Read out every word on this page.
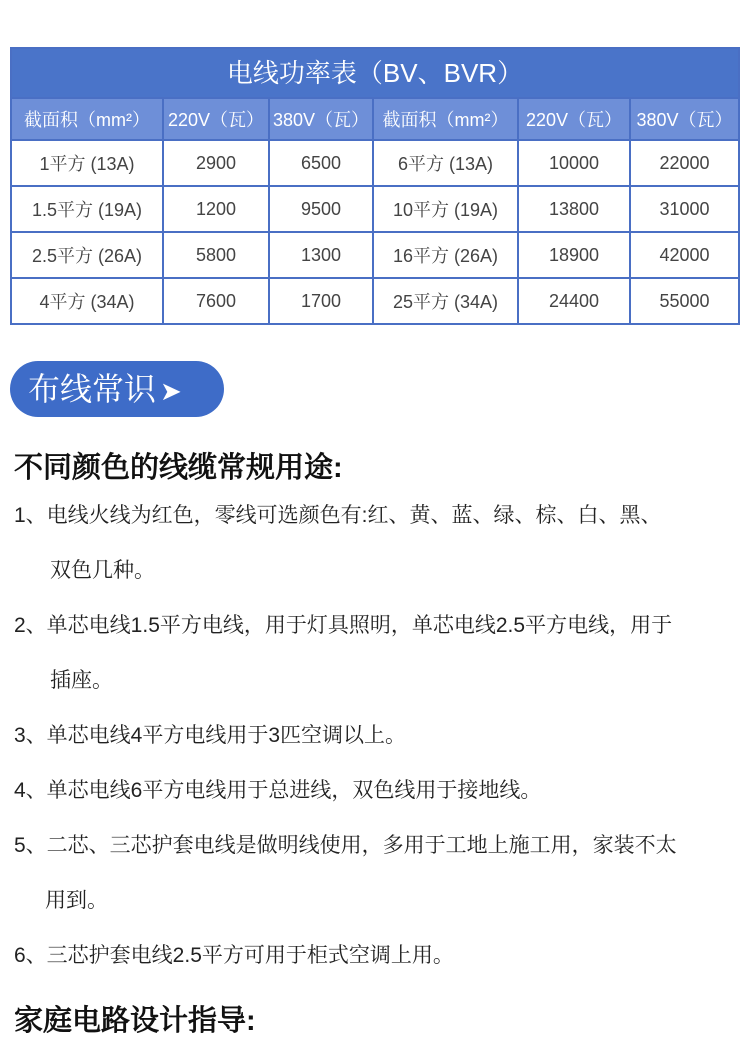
电线功率表（BV、BVR）
截面积（mm²）	220V（瓦）	380V（瓦）	截面积（mm²）	220V（瓦）	380V（瓦）
1平方 (13A)	2900	6500	6平方 (13A)	10000	22000
1.5平方 (19A)	1200	9500	10平方 (19A)	13800	31000
2.5平方 (26A)	5800	1300	16平方 (26A)	18900	42000
4平方 (34A)	7600	1700	25平方 (34A)	24400	55000
布线常识 ➤
不同颜色的线缆常规用途:
1、电线火线为红色，零线可选颜色有:红、黄、蓝、绿、棕、白、黑、
双色几种。
2、单芯电线1.5平方电线，用于灯具照明，单芯电线2.5平方电线，用于
插座。
3、单芯电线4平方电线用于3匹空调以上。
4、单芯电线6平方电线用于总进线，双色线用于接地线。
5、二芯、三芯护套电线是做明线使用，多用于工地上施工用，家装不太
用到。
6、三芯护套电线2.5平方可用于柜式空调上用。
家庭电路设计指导:
